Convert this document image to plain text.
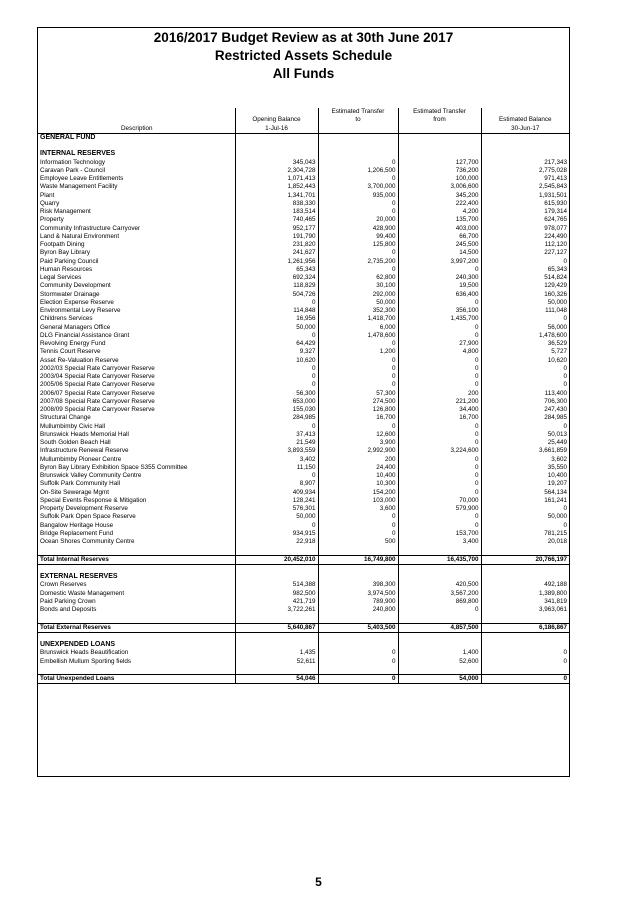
2016/2017 Budget Review as at 30th June 2017
Restricted Assets Schedule
All Funds
		Estimated Transfer	Estimated Transfer	
	Opening Balance	to	from	Estimated Balance
Description	1-Jul-16			30-Jun-17
GENERAL FUND				

INTERNAL RESERVES				
Information Technology	345,043	0	127,700	217,343
Caravan Park - Council	2,304,728	1,206,500	736,200	2,775,028
Employee Leave Entitlements	1,071,413	0	100,000	971,413
Waste Management Facility	1,852,443	3,700,000	3,006,600	2,545,843
Plant	1,341,701	935,000	345,200	1,931,501
Quarry	838,330	0	222,400	615,930
Risk Management	183,514	0	4,200	179,314
Property	740,465	20,000	135,700	624,765
Community Infrastructure Carryover	952,177	428,900	403,000	978,077
Land & Natural Environment	191,790	99,400	66,700	224,490
Footpath Dining	231,820	125,800	245,500	112,120
Byron Bay Library	241,627	0	14,500	227,127
Paid Parking Council	1,261,956	2,735,200	3,997,200	0
Human Resources	65,343	0	0	65,343
Legal Services	692,324	62,800	240,300	514,824
Community Development	118,829	30,100	19,500	129,429
Stormwater Drainage	504,726	292,000	636,400	160,326
Election Expense Reserve	0	50,000	0	50,000
Environmental Levy Reserve	114,848	352,300	356,100	111,048
Childrens Services	16,956	1,418,700	1,435,700	0
General Managers Office	50,000	6,000	0	56,000
DLG Financial Assistance Grant	0	1,478,600	0	1,478,600
Revolving Energy Fund	64,429	0	27,900	36,529
Tennis Court Reserve	9,327	1,200	4,800	5,727
Asset Re-Valuation Reserve	10,620	0	0	10,620
2002/03 Special Rate Carryover Reserve	0	0	0	0
2003/04 Special Rate Carryover Reserve	0	0	0	0
2005/06 Special Rate Carryover Reserve	0	0	0	0
2006/07 Special Rate Carryover Reserve	56,300	57,300	200	113,400
2007/08 Special Rate Carryover Reserve	653,000	274,500	221,200	706,300
2008/09 Special Rate Carryover Reserve	155,030	126,800	34,400	247,430
Structural Change	284,985	16,700	16,700	284,985
Mullumbimby Civic Hall	0	0	0	0
Brunswick Heads Memorial Hall	37,413	12,600	0	50,013
South Golden Beach Hall	21,549	3,900	0	25,449
Infrastructure Renewal Reserve	3,893,559	2,992,900	3,224,600	3,661,859
Mullumbimby Pioneer Centre	3,402	200	0	3,602
Byron Bay Library Exhibition Space S355 Committee	11,150	24,400	0	35,550
Brunswick Valley Community Centre	0	10,400	0	10,400
Suffolk Park Community Hall	8,907	10,300	0	19,207
On-Site Sewerage Mgmt	409,934	154,200	0	564,134
Special Events Response & Mitigation	128,241	103,000	70,000	161,241
Property Development Reserve	576,301	3,600	579,900	0
Suffolk Park Open Space Reserve	50,000	0	0	50,000
Bangalow Heritage House	0	0	0	0
Bridge Replacement Fund	934,915	0	153,700	781,215
Ocean Shores Community Centre	22,918	500	3,400	20,018

Total Internal Reserves	20,452,010	16,749,800	16,435,700	20,766,197

EXTERNAL RESERVES				
Crown Reserves	514,388	398,300	420,500	492,188
Domestic Waste Management	982,500	3,974,500	3,567,200	1,389,800
Paid Parking Crown	421,719	789,900	869,800	341,819
Bonds and Deposits	3,722,261	240,800	0	3,963,061

Total External Reserves	5,640,867	5,403,500	4,857,500	6,186,867

UNEXPENDED LOANS				
Brunswick Heads Beautification	1,435	0	1,400	0
Embellish Mullum Sporting fields	52,611	0	52,600	0

Total Unexpended Loans	54,046	0	54,000	0
5
